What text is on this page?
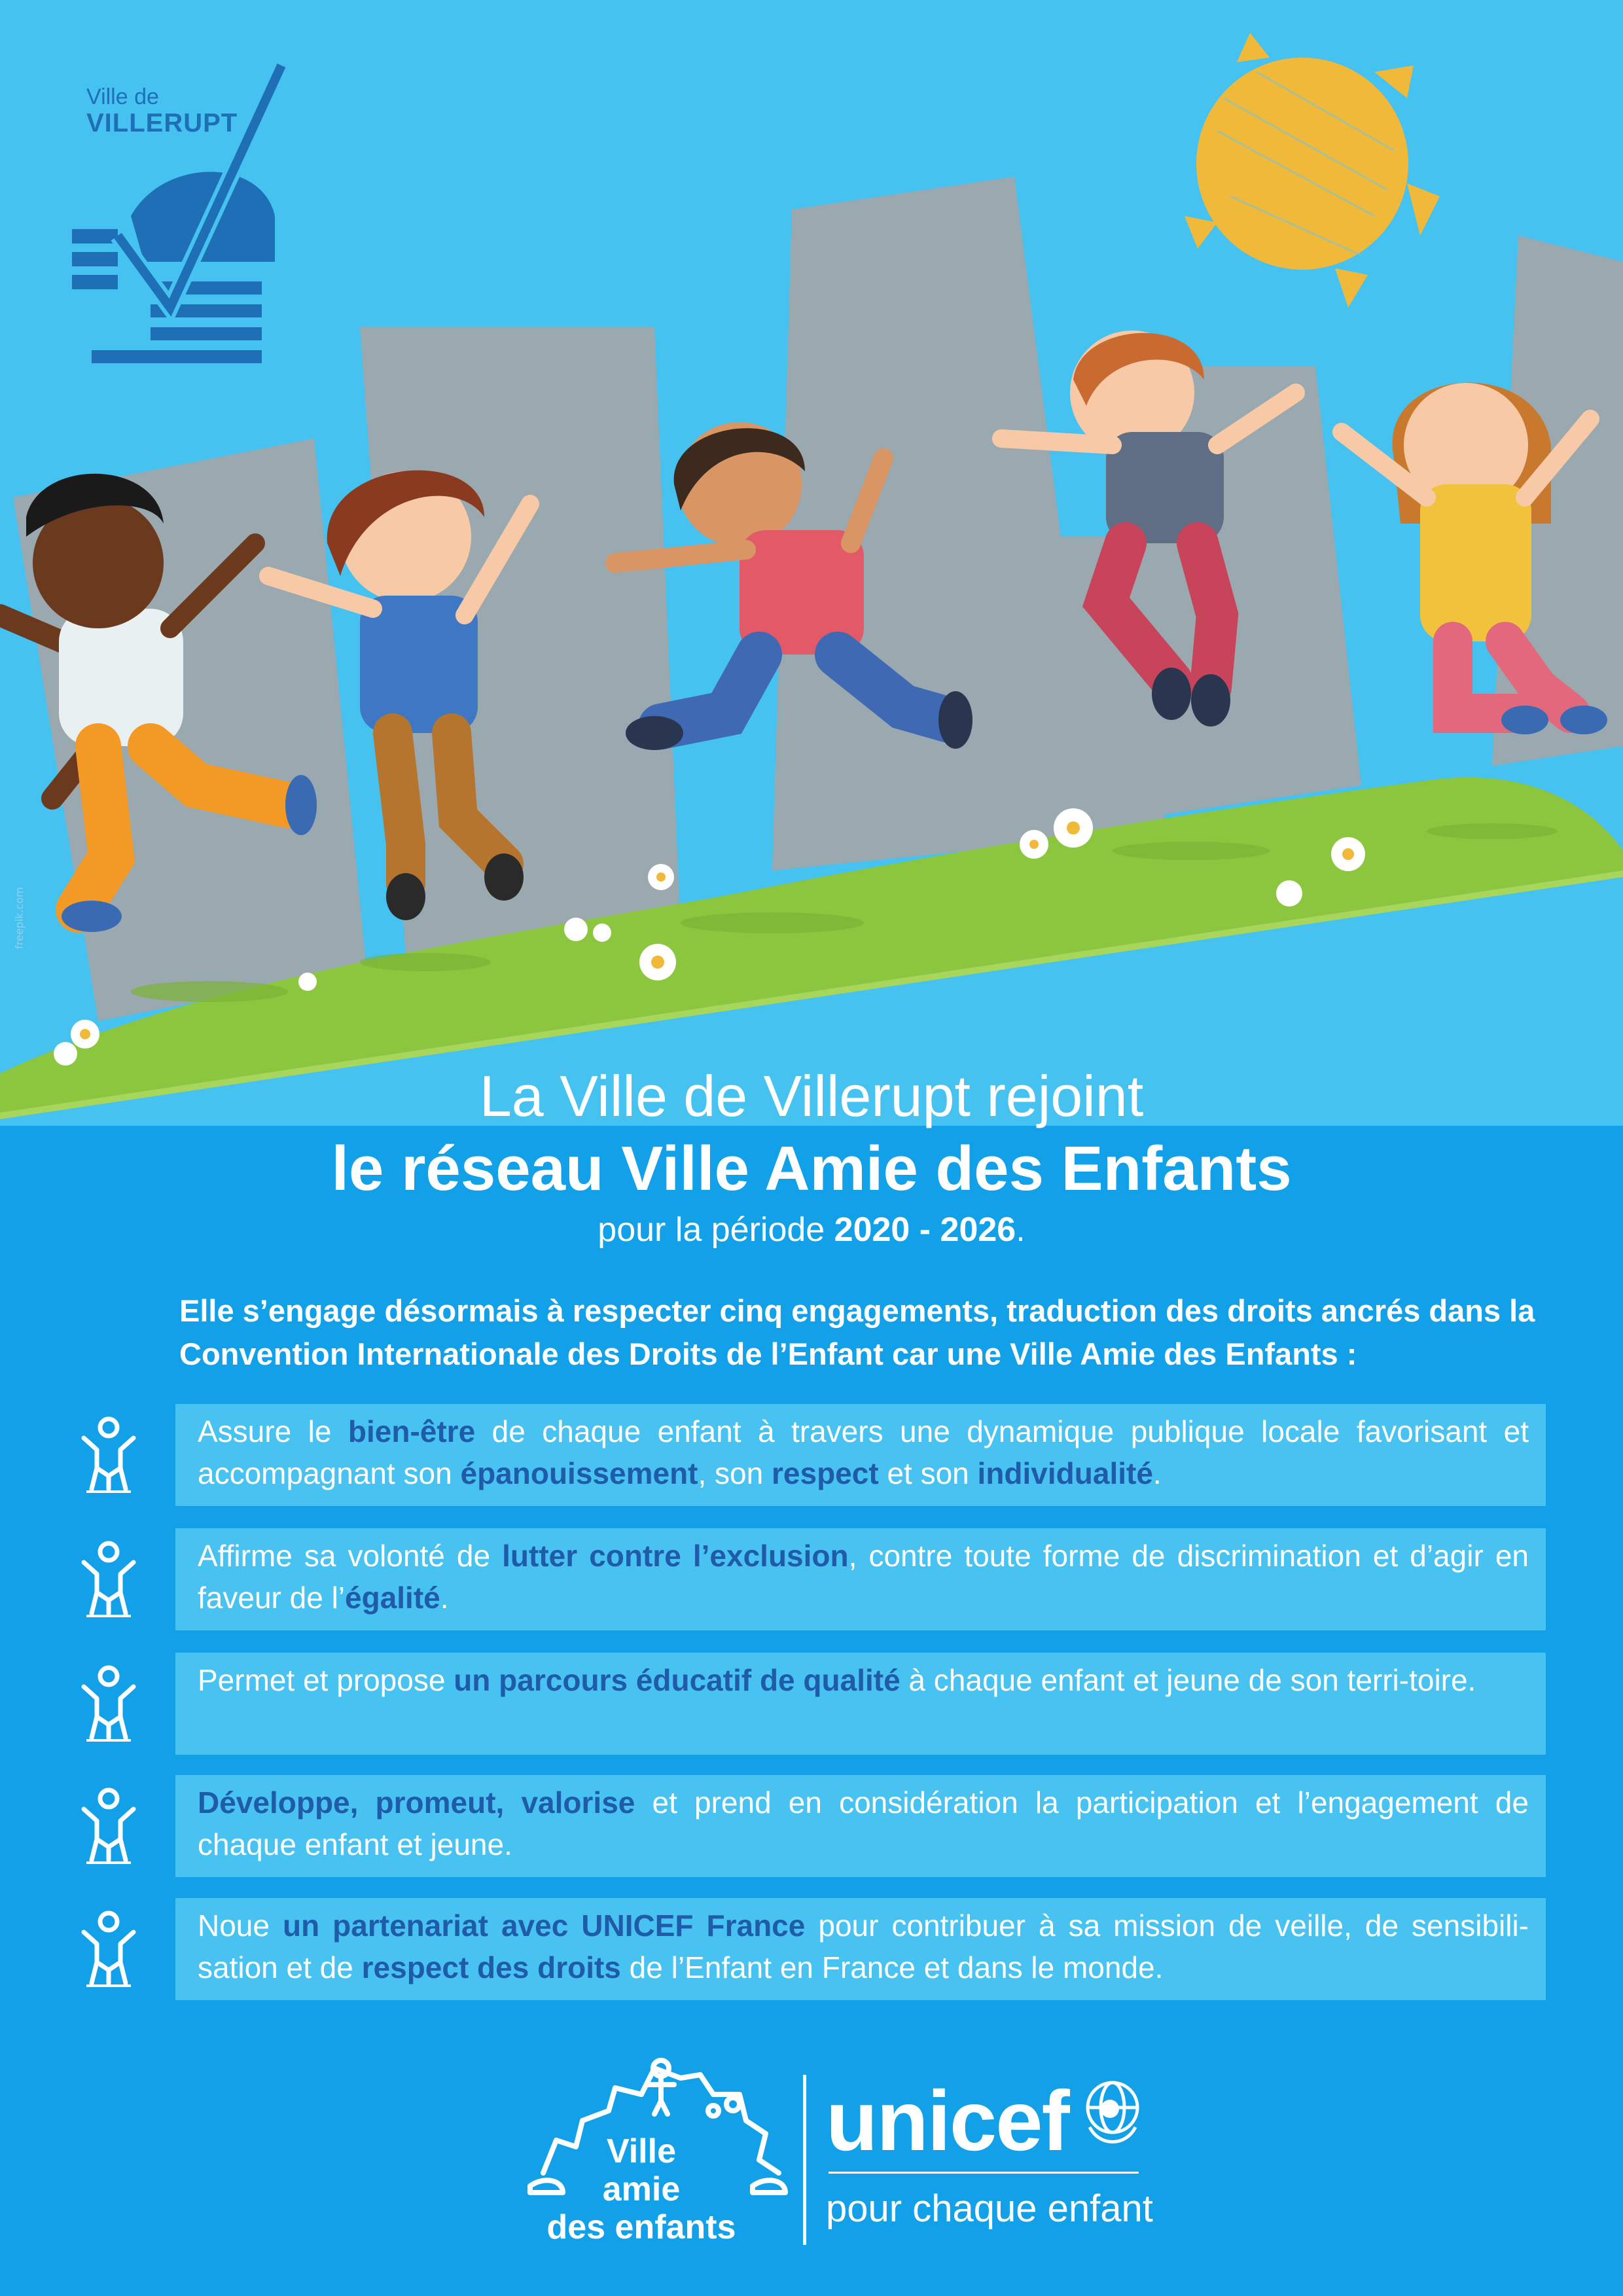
Ville de
VILLERUPT
freepik.com
La Ville de Villerupt rejoint
le réseau Ville Amie des Enfants
pour la période 2020 - 2026.
Elle s’engage désormais à respecter cinq engagements, traduction des droits ancrés dans la Convention Internationale des Droits de l’Enfant car une Ville Amie des Enfants :
Assure le bien-être de chaque enfant à travers une dynamique publique locale favorisant et accompagnant son épanouissement, son respect et son individualité.
Affirme sa volonté de lutter contre l’exclusion, contre toute forme de discrimination et d’agir en faveur de l’égalité.
Permet et propose un parcours éducatif de qualité à chaque enfant et jeune de son terri-toire.
Développe, promeut, valorise et prend en considération la participation et l’engagement de chaque enfant et jeune.
Noue un partenariat avec UNICEF France pour contribuer à sa mission de veille, de sensibili-sation et de respect des droits de l’Enfant en France et dans le monde.
Ville
amie
des enfants
unicef
pour chaque enfant
